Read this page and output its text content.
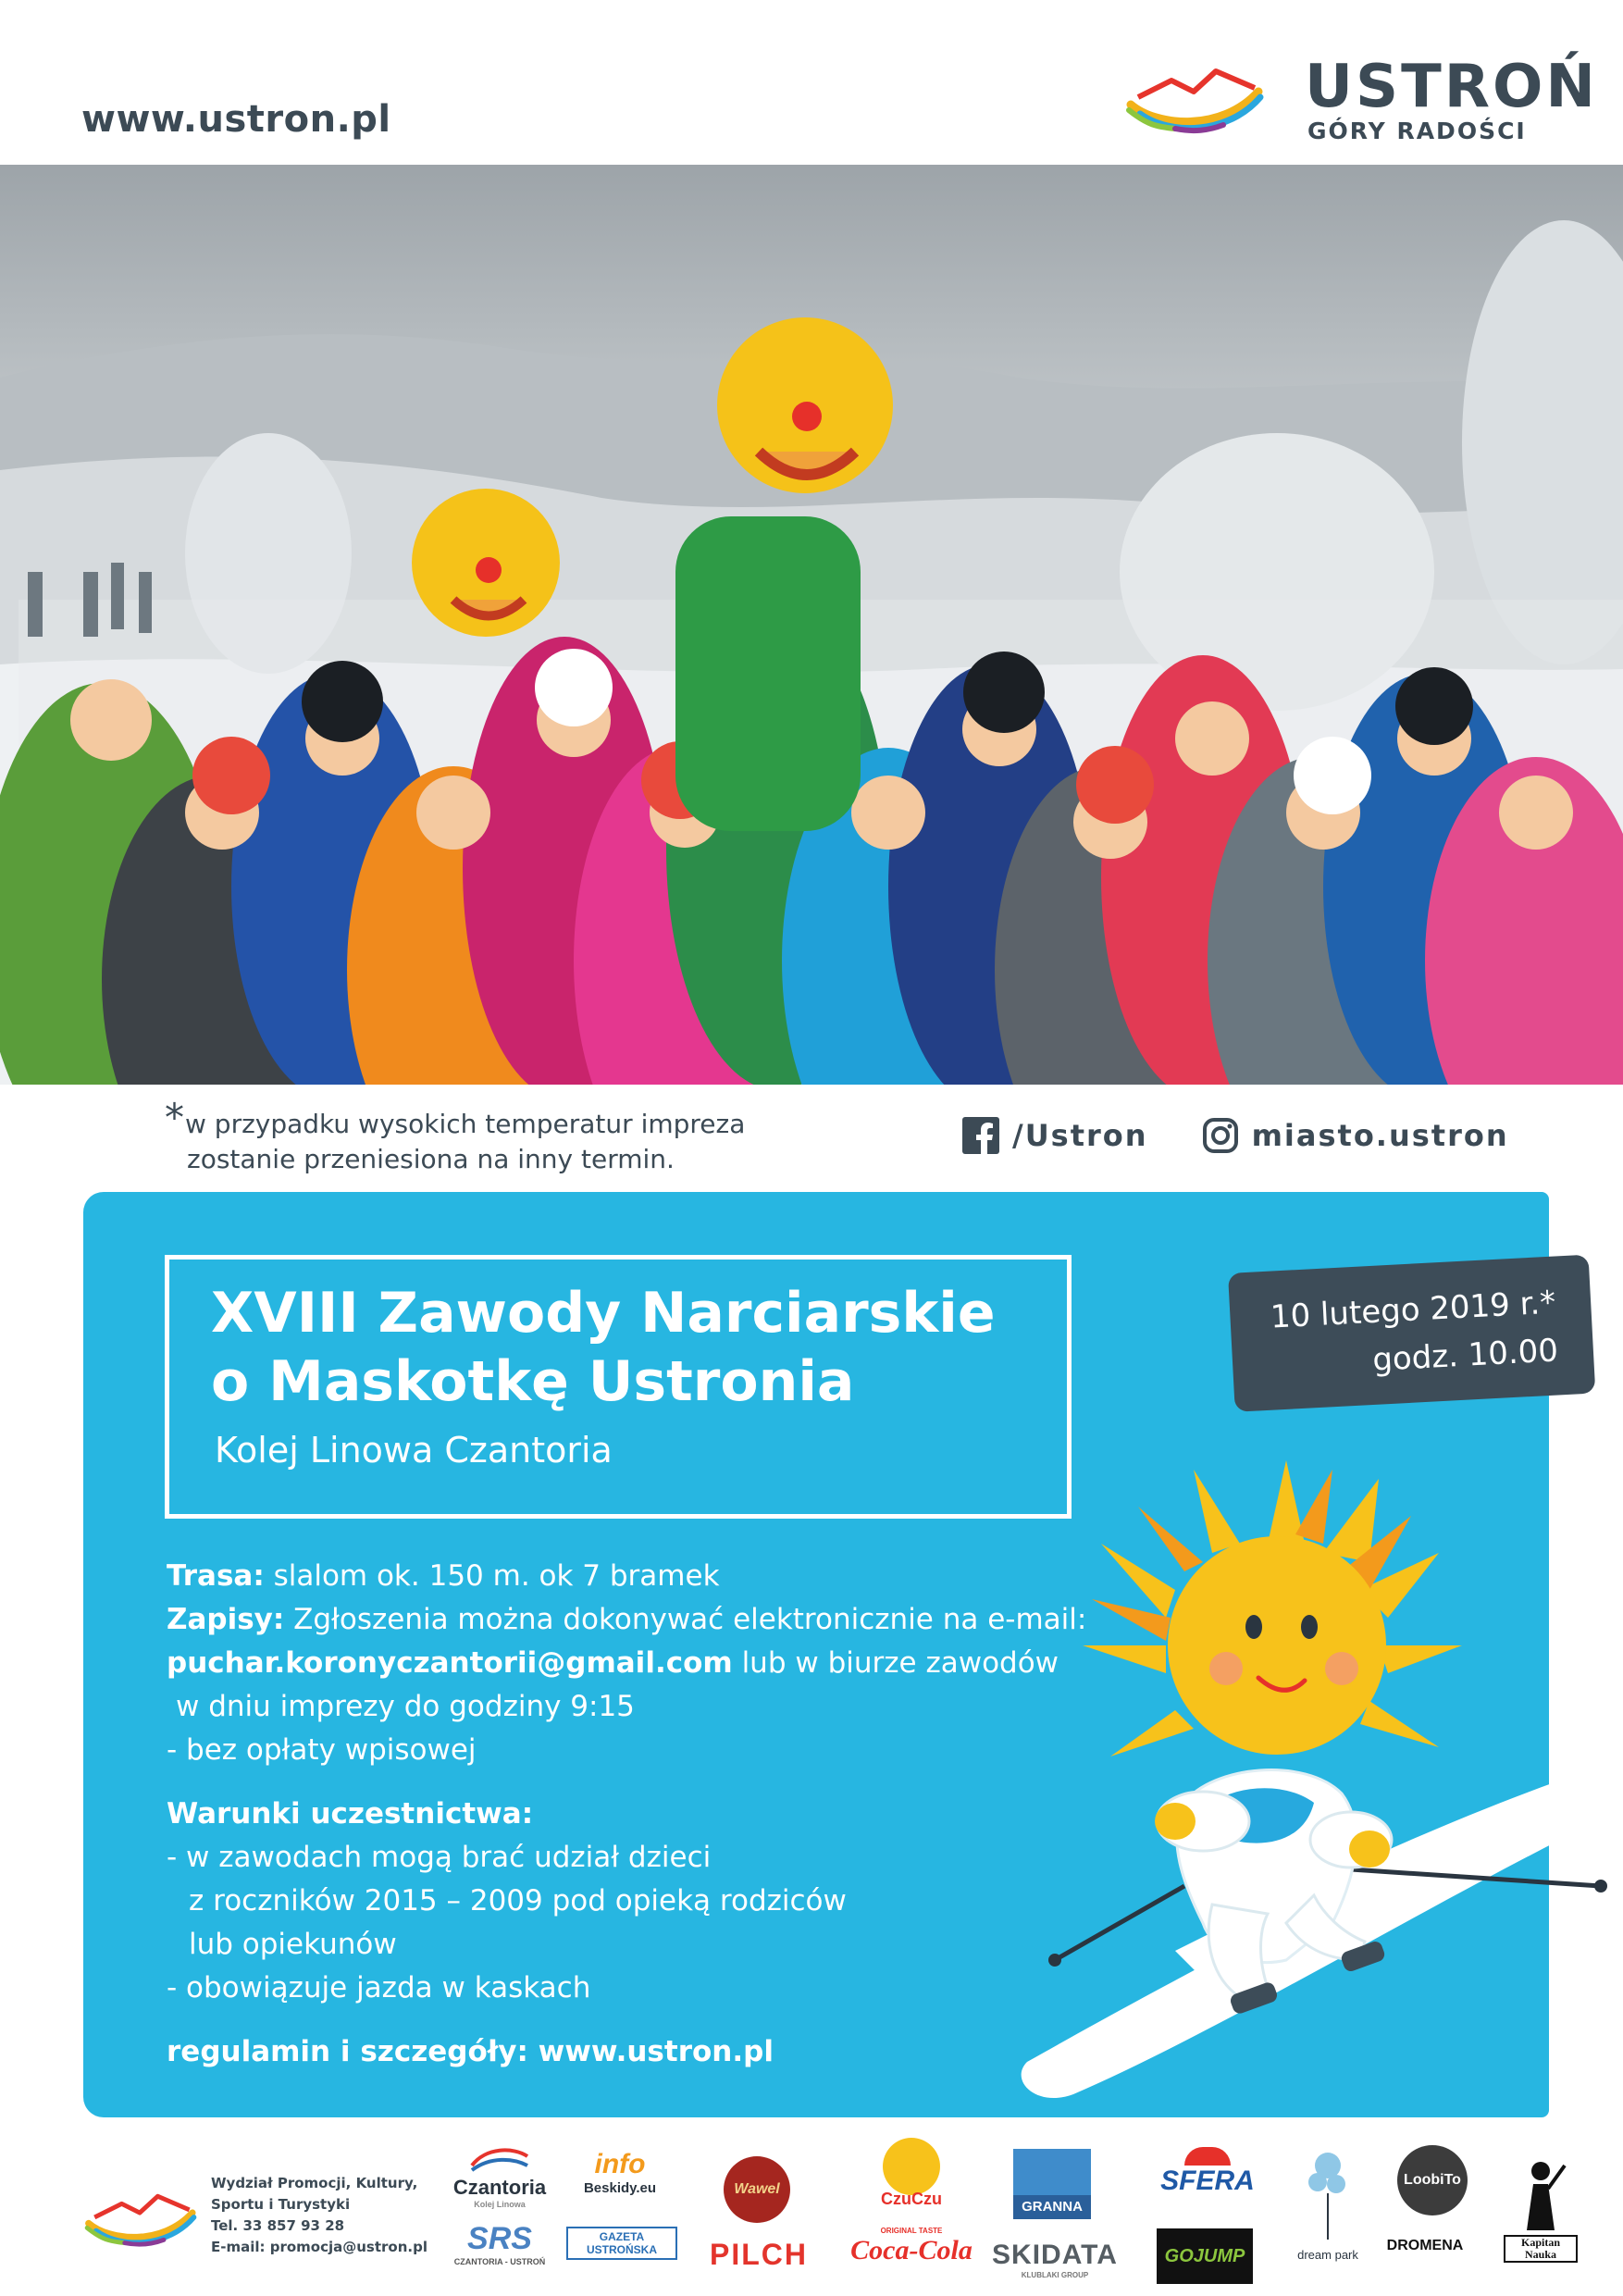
www.ustron.pl	USTROŃ
GÓRY RADOŚCI
* w przypadku wysokich temperatur impreza

zostanie przeniesiona na inny termin.

/Ustron	miasto.ustron
XVIII Zawody Narciarskie
o Maskotkę Ustronia
Kolej Linowa Czantoria
10 lutego 2019 r.*
godz. 10.00

Trasa: slalom ok. 150 m. ok 7 bramek

Zapisy: Zgłoszenia można dokonywać elektronicznie na e-mail:

puchar.koronyczantorii@gmail.com lub w biurze zawodów

w dniu imprezy do godziny 9:15

- bez opłaty wpisowej

Warunki uczestnictwa:

- w zawodach mogą brać udział dzieci

z roczników 2015 – 2009 pod opieką rodziców

lub opiekunów

- obowiązuje jazda w kaskach

regulamin i szczegóły: www.ustron.pl

Wydział Promocji, Kultury,

Sportu i Turystyki

Tel. 33 857 93 28

E-mail: promocja@ustron.pl

Czantoria
Kolej Linowa
SRS
CZANTORIA - USTROŃ
info
Beskidy.eu
GAZETA USTROŃSKA
Wawel
PILCH
CzuCzu
ORIGINAL TASTE
Coca-Cola
GRANNA
SKIDATA
KLUBLAKI GROUP
SFERA
GOJUMP	dream park
LoobiTo
DROMENA	Kapitan Nauka
